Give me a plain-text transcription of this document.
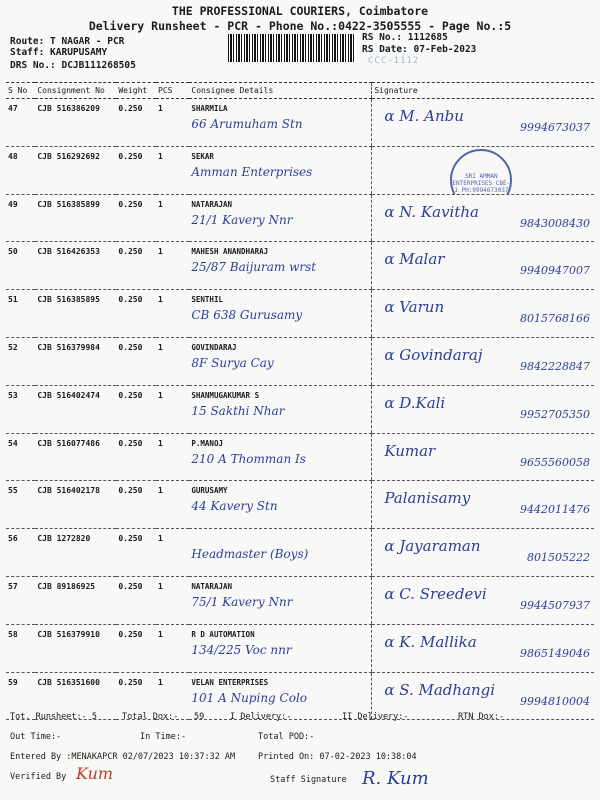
THE PROFESSIONAL COURIERS, Coimbatore
Delivery Runsheet - PCR - Phone No.:0422-3505555 - Page No.:5
Route: T NAGAR - PCR
Staff: KARUPUSAMY
DRS No.: DCJB111268505
RS No.: 1112685
RS Date: 07-Feb-2023
CCC-1112
S No	Consignment No	Weight	PCS	Consignee Details	Signature
47	CJB 516386209	0.250	1	SHARMILA
66 Arumuham Stn	α M. Anbu
9994673037

48	CJB 516292692	0.250	1	SEKAR
Amman Enterprises	SRI AMMAN ENTERPRISES CBE-1 PH:9994673037

49	CJB 516385899	0.250	1	NATARAJAN
21/1 Kavery Nnr	α N. Kavitha
9843008430

50	CJB 516426353	0.250	1	MAHESH ANANDHARAJ
25/87 Baijuram wrst	α Malar
9940947007

51	CJB 516385895	0.250	1	SENTHIL
CB 638 Gurusamy	α Varun
8015768166

52	CJB 516379984	0.250	1	GOVINDARAJ
8F Surya Cay	α Govindaraj
9842228847

53	CJB 516402474	0.250	1	SHANMUGAKUMAR S
15 Sakthi Nhar	α D.Kali
9952705350

54	CJB 516077486	0.250	1	P.MANOJ
210 A Thomman Is	Kumar
9655560058

55	CJB 516402178	0.250	1	GURUSAMY
44 Kavery Stn	Palanisamy
9442011476

56	CJB 1272820	0.250	1	Headmaster (Boys)	α Jayaraman
801505222

57	CJB 89186925	0.250	1	NATARAJAN
75/1 Kavery Nnr	α C. Sreedevi
9944507937

58	CJB 516379910	0.250	1	R D AUTOMATION
134/225 Voc nnr	α K. Mallika
9865149046

59	CJB 516351600	0.250	1	VELAN ENTERPRISES
101 A Nuping Colo	α S. Madhangi
9994810004
Tot. Runsheet:- 5	Total Dox:- 59	I Delivery:-	II Delivery:-	RTN Dox:-
Out Time:-	In Time:-	Total POD:-
Entered By :MENAKAPCR 02/07/2023 10:37:32 AM	Printed On: 07-02-2023 10:38:04
Verified By Kum	Staff Signature R. Kum
